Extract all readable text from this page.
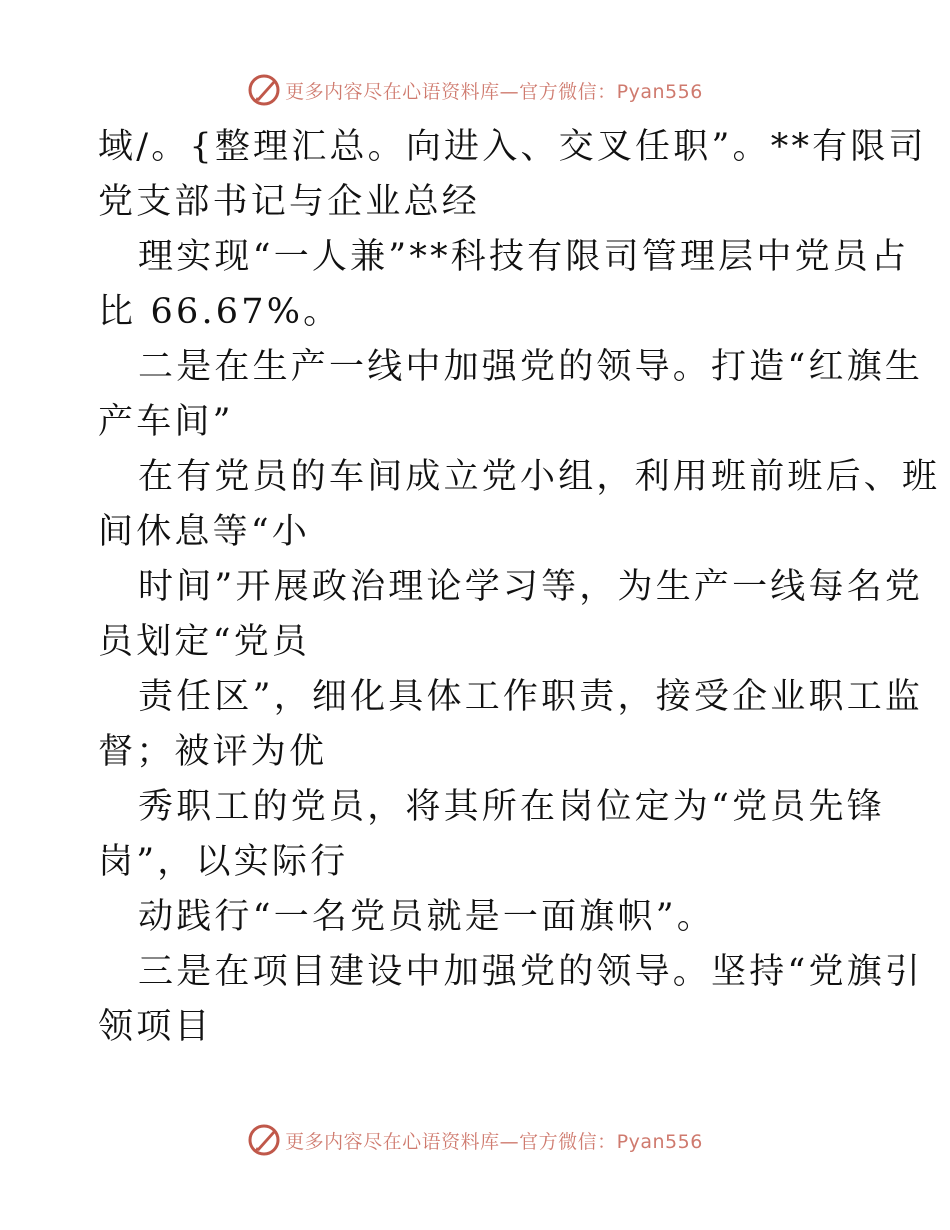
更多内容尽在心语资料库—官方微信：Pyan556
域/。{整理汇总。向进入、交叉任职”。**有限司
党支部书记与企业总经
理实现“一人兼”**科技有限司管理层中党员占
比 66.67%。
二是在生产一线中加强党的领导。打造“红旗生
产车间”
在有党员的车间成立党小组，利用班前班后、班
间休息等“小
时间”开展政治理论学习等，为生产一线每名党
员划定“党员
责任区”，细化具体工作职责，接受企业职工监
督；被评为优
秀职工的党员，将其所在岗位定为“党员先锋
岗”，以实际行
动践行“一名党员就是一面旗帜”。
三是在项目建设中加强党的领导。坚持“党旗引
领项目
更多内容尽在心语资料库—官方微信：Pyan556
